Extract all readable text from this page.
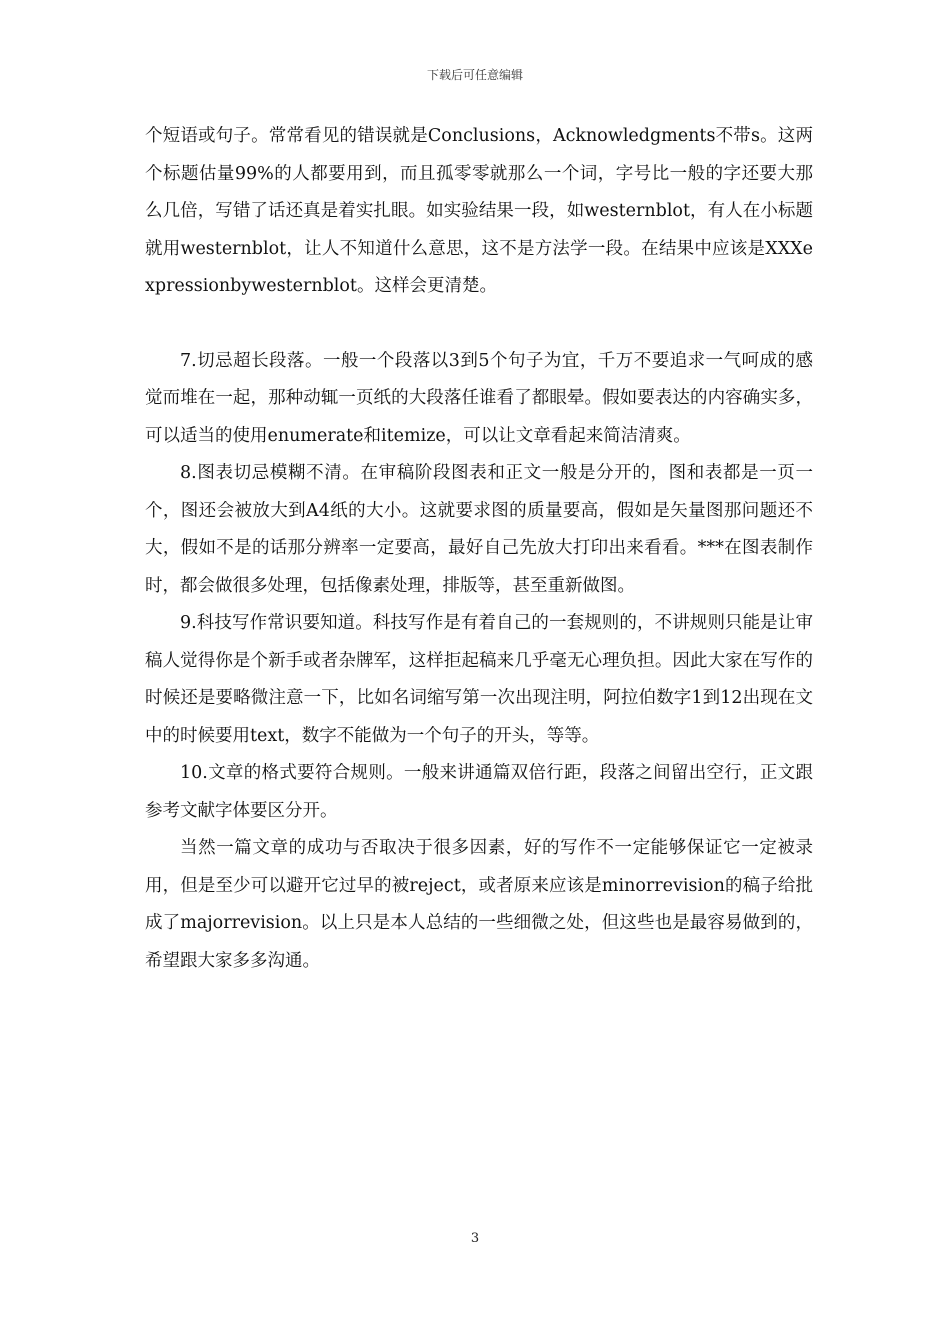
下载后可任意编辑

个短语或句子。常常看见的错误就是Conclusions，Acknowledgments不带s。这两个标题估量99%的人都要用到，而且孤零零就那么一个词，字号比一般的字还要大那么几倍，写错了话还真是着实扎眼。如实验结果一段，如westernblot，有人在小标题就用westernblot，让人不知道什么意思，这不是方法学一段。在结果中应该是XXXexpressionbywesternblot。这样会更清楚。

7.切忌超长段落。一般一个段落以3到5个句子为宜，千万不要追求一气呵成的感觉而堆在一起，那种动辄一页纸的大段落任谁看了都眼晕。假如要表达的内容确实多，可以适当的使用enumerate和itemize，可以让文章看起来简洁清爽。

8.图表切忌模糊不清。在审稿阶段图表和正文一般是分开的，图和表都是一页一个，图还会被放大到A4纸的大小。这就要求图的质量要高，假如是矢量图那问题还不大，假如不是的话那分辨率一定要高，最好自己先放大打印出来看看。***在图表制作时，都会做很多处理，包括像素处理，排版等，甚至重新做图。

9.科技写作常识要知道。科技写作是有着自己的一套规则的，不讲规则只能是让审稿人觉得你是个新手或者杂牌军，这样拒起稿来几乎毫无心理负担。因此大家在写作的时候还是要略微注意一下，比如名词缩写第一次出现注明，阿拉伯数字1到12出现在文中的时候要用text，数字不能做为一个句子的开头，等等。

10.文章的格式要符合规则。一般来讲通篇双倍行距，段落之间留出空行，正文跟参考文献字体要区分开。

当然一篇文章的成功与否取决于很多因素，好的写作不一定能够保证它一定被录用，但是至少可以避开它过早的被reject，或者原来应该是minorrevision的稿子给批成了majorrevision。以上只是本人总结的一些细微之处，但这些也是最容易做到的，希望跟大家多多沟通。

3
